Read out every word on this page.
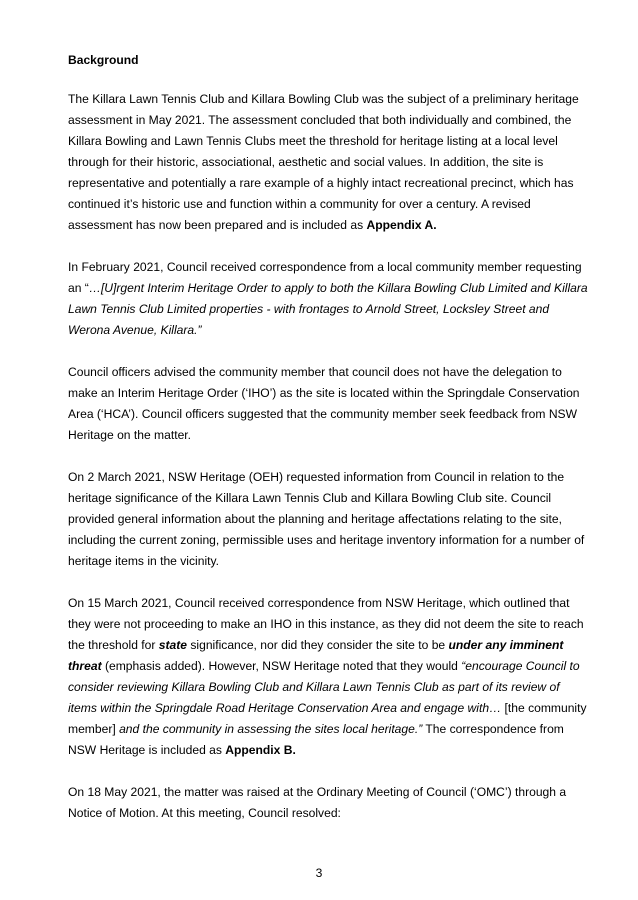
Background

The Killara Lawn Tennis Club and Killara Bowling Club was the subject of a preliminary heritage assessment in May 2021. The assessment concluded that both individually and combined, the Killara Bowling and Lawn Tennis Clubs meet the threshold for heritage listing at a local level through for their historic, associational, aesthetic and social values. In addition, the site is representative and potentially a rare example of a highly intact recreational precinct, which has continued it’s historic use and function within a community for over a century. A revised assessment has now been prepared and is included as Appendix A.

In February 2021, Council received correspondence from a local community member requesting an “…[U]rgent Interim Heritage Order to apply to both the Killara Bowling Club Limited and Killara Lawn Tennis Club Limited properties - with frontages to Arnold Street, Locksley Street and Werona Avenue, Killara.”

Council officers advised the community member that council does not have the delegation to make an Interim Heritage Order (‘IHO’) as the site is located within the Springdale Conservation Area (‘HCA’). Council officers suggested that the community member seek feedback from NSW Heritage on the matter.

On 2 March 2021, NSW Heritage (OEH) requested information from Council in relation to the heritage significance of the Killara Lawn Tennis Club and Killara Bowling Club site. Council provided general information about the planning and heritage affectations relating to the site, including the current zoning, permissible uses and heritage inventory information for a number of heritage items in the vicinity.

On 15 March 2021, Council received correspondence from NSW Heritage, which outlined that they were not proceeding to make an IHO in this instance, as they did not deem the site to reach the threshold for state significance, nor did they consider the site to be under any imminent threat (emphasis added). However, NSW Heritage noted that they would “encourage Council to consider reviewing Killara Bowling Club and Killara Lawn Tennis Club as part of its review of items within the Springdale Road Heritage Conservation Area and engage with… [the community member] and the community in assessing the sites local heritage.” The correspondence from NSW Heritage is included as Appendix B.

On 18 May 2021, the matter was raised at the Ordinary Meeting of Council (‘OMC’) through a Notice of Motion. At this meeting, Council resolved:

3
